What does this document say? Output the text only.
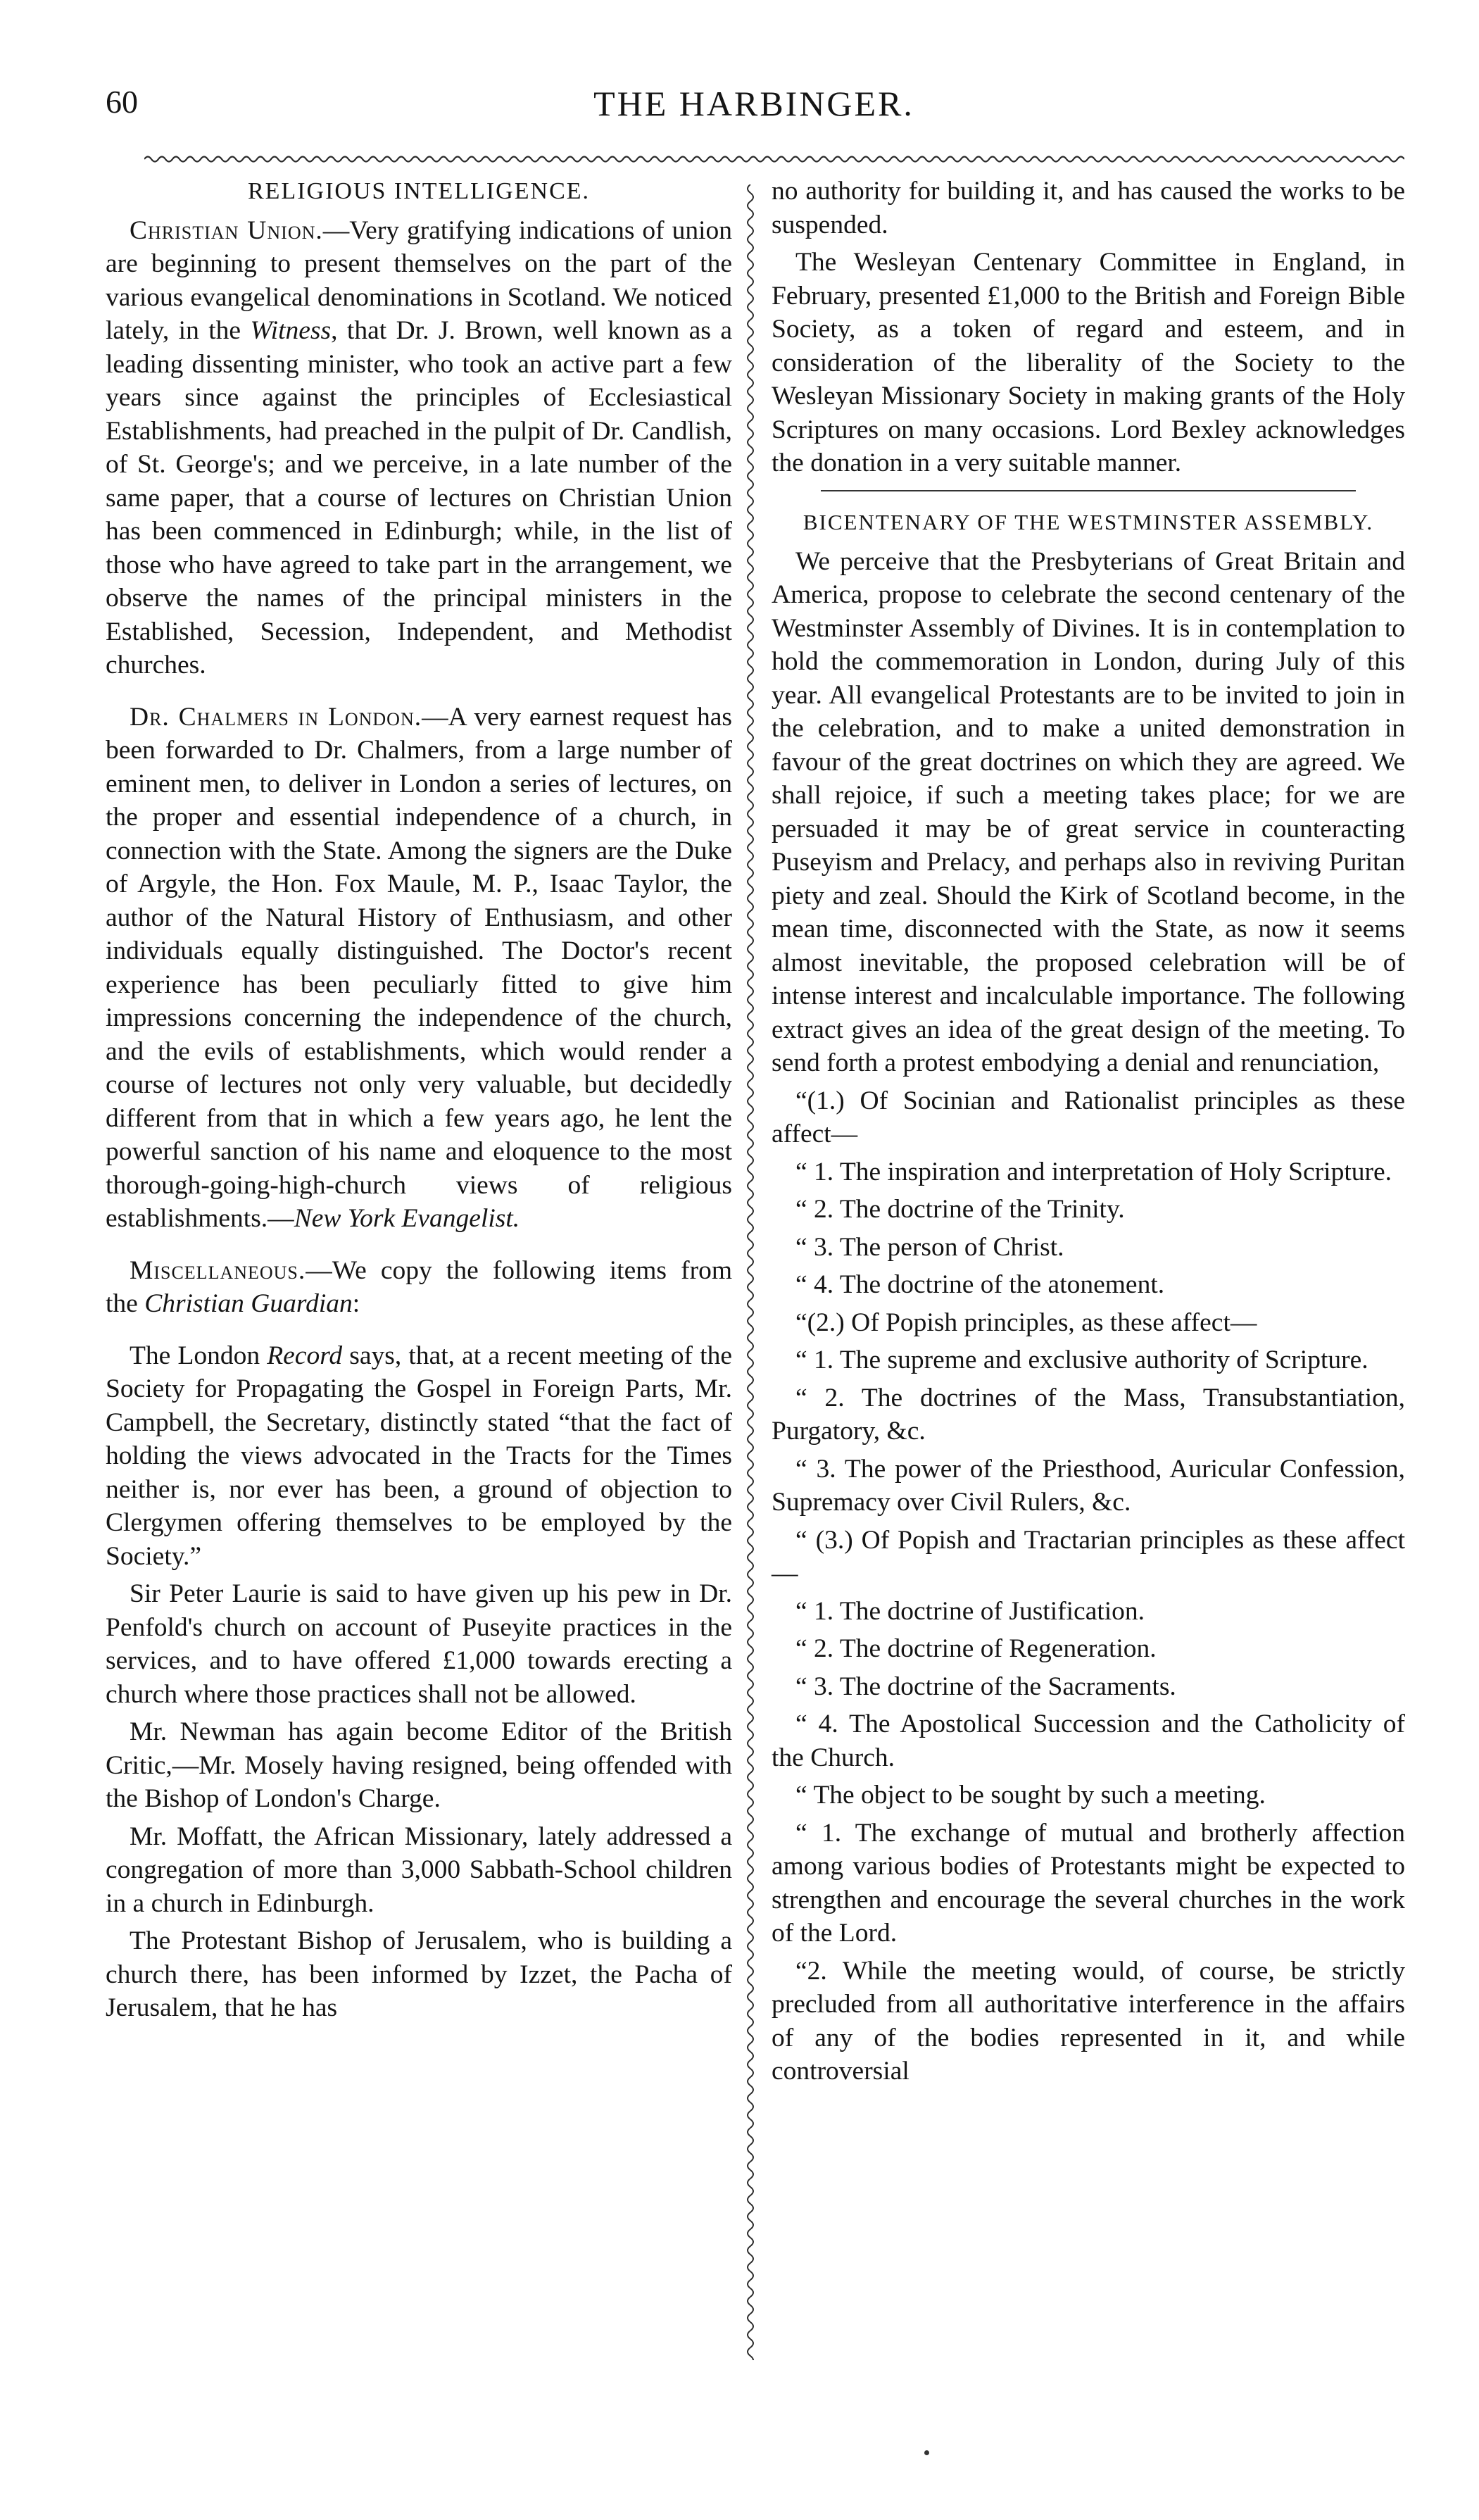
60	THE HARBINGER.
RELIGIOUS INTELLIGENCE.

Christian Union.—Very gratifying indications of union are beginning to present themselves on the part of the various evangelical denominations in Scotland. We noticed lately, in the Witness, that Dr. J. Brown, well known as a leading dissenting minister, who took an active part a few years since against the principles of Ecclesiastical Establishments, had preached in the pulpit of Dr. Candlish, of St. George's; and we perceive, in a late number of the same paper, that a course of lectures on Christian Union has been commenced in Edinburgh; while, in the list of those who have agreed to take part in the arrangement, we observe the names of the principal ministers in the Established, Secession, Independent, and Methodist churches.

Dr. Chalmers in London.—A very earnest request has been forwarded to Dr. Chalmers, from a large number of eminent men, to deliver in London a series of lectures, on the proper and essential independence of a church, in connection with the State. Among the signers are the Duke of Argyle, the Hon. Fox Maule, M. P., Isaac Taylor, the author of the Natural History of Enthusiasm, and other individuals equally distinguished. The Doctor's recent experience has been peculiarly fitted to give him impressions concerning the independence of the church, and the evils of establishments, which would render a course of lectures not only very valuable, but decidedly different from that in which a few years ago, he lent the powerful sanction of his name and eloquence to the most thorough-going-high-church views of religious establishments.—New York Evangelist.

Miscellaneous.—We copy the following items from the Christian Guardian:

The London Record says, that, at a recent meeting of the Society for Propagating the Gospel in Foreign Parts, Mr. Campbell, the Secretary, distinctly stated “that the fact of holding the views advocated in the Tracts for the Times neither is, nor ever has been, a ground of objection to Clergymen offering themselves to be employed by the Society.”

Sir Peter Laurie is said to have given up his pew in Dr. Penfold's church on account of Puseyite practices in the services, and to have offered £1,000 towards erecting a church where those practices shall not be allowed.

Mr. Newman has again become Editor of the British Critic,—Mr. Mosely having resigned, being offended with the Bishop of London's Charge.

Mr. Moffatt, the African Missionary, lately addressed a congregation of more than 3,000 Sabbath-School children in a church in Edinburgh.

The Protestant Bishop of Jerusalem, who is building a church there, has been informed by Izzet, the Pacha of Jerusalem, that he has

no authority for building it, and has caused the works to be suspended.

The Wesleyan Centenary Committee in England, in February, presented £1,000 to the British and Foreign Bible Society, as a token of regard and esteem, and in consideration of the liberality of the Society to the Wesleyan Missionary Society in making grants of the Holy Scriptures on many occasions. Lord Bexley acknowledges the donation in a very suitable manner.

BICENTENARY OF THE WESTMINSTER ASSEMBLY.

We perceive that the Presbyterians of Great Britain and America, propose to celebrate the second centenary of the Westminster Assembly of Divines. It is in contemplation to hold the commemoration in London, during July of this year. All evangelical Protestants are to be invited to join in the celebration, and to make a united demonstration in favour of the great doctrines on which they are agreed. We shall rejoice, if such a meeting takes place; for we are persuaded it may be of great service in counteracting Puseyism and Prelacy, and perhaps also in reviving Puritan piety and zeal. Should the Kirk of Scotland become, in the mean time, disconnected with the State, as now it seems almost inevitable, the proposed celebration will be of intense interest and incalculable importance. The following extract gives an idea of the great design of the meeting. To send forth a protest embodying a denial and renunciation,

“(1.) Of Socinian and Rationalist principles as these affect—

“ 1. The inspiration and interpretation of Holy Scripture.

“ 2. The doctrine of the Trinity.

“ 3. The person of Christ.

“ 4. The doctrine of the atonement.

“(2.) Of Popish principles, as these affect—

“ 1. The supreme and exclusive authority of Scripture.

“ 2. The doctrines of the Mass, Transubstantiation, Purgatory, &c.

“ 3. The power of the Priesthood, Auricular Confession, Supremacy over Civil Rulers, &c.

“ (3.) Of Popish and Tractarian principles as these affect—

“ 1. The doctrine of Justification.

“ 2. The doctrine of Regeneration.

“ 3. The doctrine of the Sacraments.

“ 4. The Apostolical Succession and the Catholicity of the Church.

“ The object to be sought by such a meeting.

“ 1. The exchange of mutual and brotherly affection among various bodies of Protestants might be expected to strengthen and encourage the several churches in the work of the Lord.

“2. While the meeting would, of course, be strictly precluded from all authoritative interference in the affairs of any of the bodies represented in it, and while controversial
